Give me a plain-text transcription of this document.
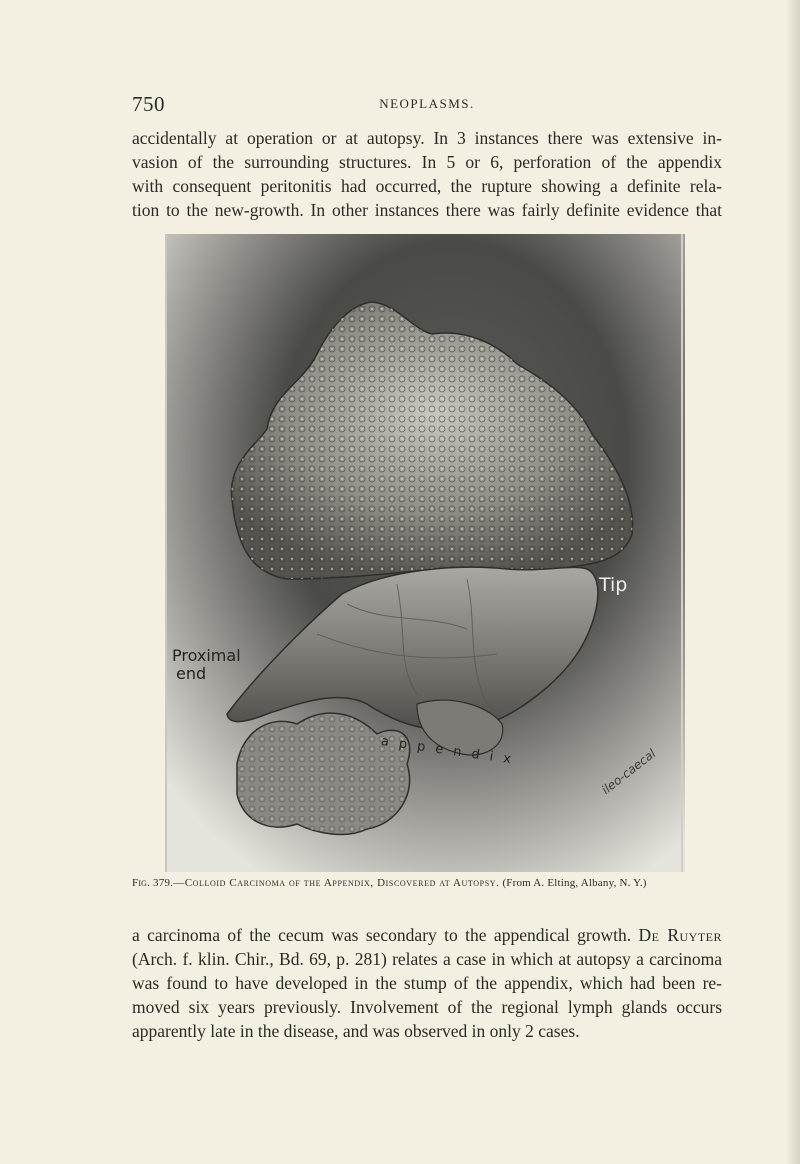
750	NEOPLASMS.
accidentally at operation or at autopsy. In 3 instances there was extensive in-
vasion of the surrounding structures. In 5 or 6, perforation of the appendix
with consequent peritonitis had occurred, the rupture showing a definite rela-
tion to the new-growth. In other instances there was fairly definite evidence that
Tip
Proximal
end
a p p e n d i x	ileo-caecal
Fig. 379.—Colloid Carcinoma of the Appendix, Discovered at Autopsy. (From A. Elting, Albany, N. Y.)
a carcinoma of the cecum was secondary to the appendical growth. De Ruyter
(Arch. f. klin. Chir., Bd. 69, p. 281) relates a case in which at autopsy a carcinoma
was found to have developed in the stump of the appendix, which had been re-
moved six years previously. Involvement of the regional lymph glands occurs
apparently late in the disease, and was observed in only 2 cases.
